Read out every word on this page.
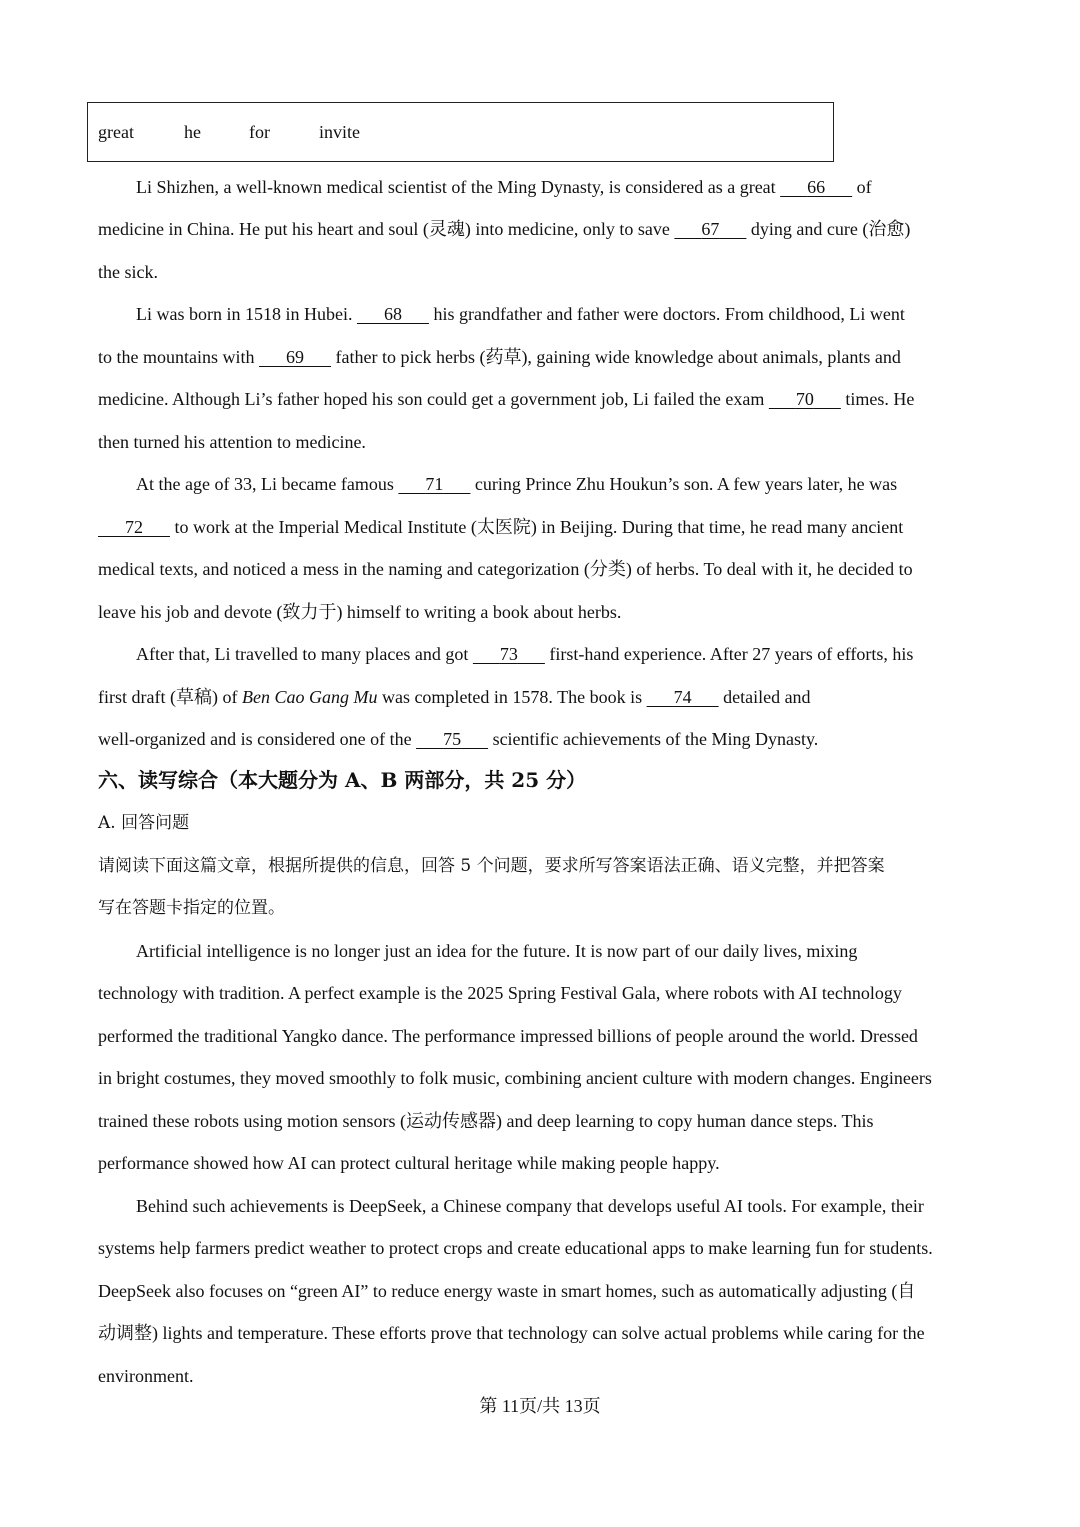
great	he	for	invite
Li Shizhen, a well-known medical scientist of the Ming Dynasty, is considered as a great       66       of
medicine in China. He put his heart and soul (灵魂) into medicine, only to save       67       dying and cure (治愈)
the sick.
Li was born in 1518 in Hubei.       68       his grandfather and father were doctors. From childhood, Li went
to the mountains with       69       father to pick herbs (药草), gaining wide knowledge about animals, plants and
medicine. Although Li’s father hoped his son could get a government job, Li failed the exam       70       times. He
then turned his attention to medicine.
At the age of 33, Li became famous       71       curing Prince Zhu Houkun’s son. A few years later, he was
72       to work at the Imperial Medical Institute (太医院) in Beijing. During that time, he read many ancient
medical texts, and noticed a mess in the naming and categorization (分类) of herbs. To deal with it, he decided to
leave his job and devote (致力于) himself to writing a book about herbs.
After that, Li travelled to many places and got       73       first-hand experience. After 27 years of efforts, his
first draft (草稿) of Ben Cao Gang Mu was completed in 1578. The book is       74       detailed and
well-organized and is considered one of the       75       scientific achievements of the Ming Dynasty.
六、读写综合（本大题分为 A、B 两部分，共 25 分）
A. 回答问题
请阅读下面这篇文章，根据所提供的信息，回答 5 个问题，要求所写答案语法正确、语义完整，并把答案
写在答题卡指定的位置。
Artificial intelligence is no longer just an idea for the future. It is now part of our daily lives, mixing
technology with tradition. A perfect example is the 2025 Spring Festival Gala, where robots with AI technology
performed the traditional Yangko dance. The performance impressed billions of people around the world. Dressed
in bright costumes, they moved smoothly to folk music, combining ancient culture with modern changes. Engineers
trained these robots using motion sensors (运动传感器) and deep learning to copy human dance steps. This
performance showed how AI can protect cultural heritage while making people happy.
Behind such achievements is DeepSeek, a Chinese company that develops useful AI tools. For example, their
systems help farmers predict weather to protect crops and create educational apps to make learning fun for students.
DeepSeek also focuses on “green AI” to reduce energy waste in smart homes, such as automatically adjusting (自
动调整) lights and temperature. These efforts prove that technology can solve actual problems while caring for the
environment.
第 11页/共 13页
